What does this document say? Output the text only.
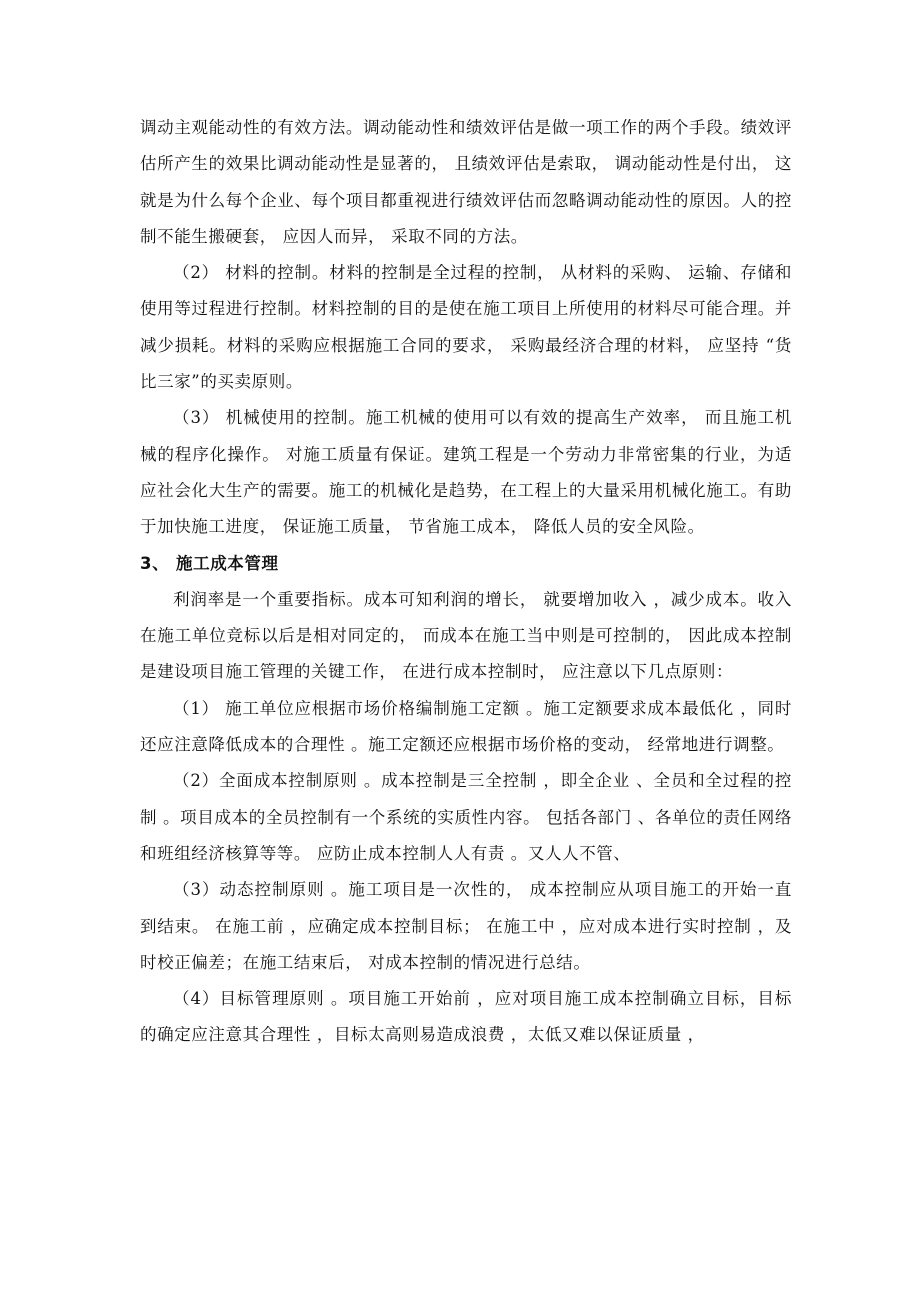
调动主观能动性的有效方法。调动能动性和绩效评估是做一项工作的两个手段。绩效评估所产生的效果比调动能动性是显著的， 且绩效评估是索取， 调动能动性是付出， 这就是为什么每个企业、每个项目都重视进行绩效评估而忽略调动能动性的原因。人的控制不能生搬硬套， 应因人而异， 采取不同的方法。

（2） 材料的控制。材料的控制是全过程的控制， 从材料的采购、 运输、存储和使用等过程进行控制。材料控制的目的是使在施工项目上所使用的材料尽可能合理。并减少损耗。材料的采购应根据施工合同的要求， 采购最经济合理的材料， 应坚持 “货比三家”的买卖原则。

（3） 机械使用的控制。施工机械的使用可以有效的提高生产效率， 而且施工机械的程序化操作。 对施工质量有保证。建筑工程是一个劳动力非常密集的行业，为适应社会化大生产的需要。施工的机械化是趋势，在工程上的大量采用机械化施工。有助于加快施工进度， 保证施工质量， 节省施工成本， 降低人员的安全风险。

3、 施工成本管理

利润率是一个重要指标。成本可知利润的增长， 就要增加收入 ，减少成本。收入在施工单位竞标以后是相对同定的， 而成本在施工当中则是可控制的， 因此成本控制是建设项目施工管理的关键工作， 在进行成本控制时， 应注意以下几点原则：

（1） 施工单位应根据市场价格编制施工定额 。施工定额要求成本最低化 ，同时还应注意降低成本的合理性 。施工定额还应根据市场价格的变动， 经常地进行调整。

（2）全面成本控制原则 。成本控制是三全控制 ，即全企业 、全员和全过程的控制 。项目成本的全员控制有一个系统的实质性内容。 包括各部门 、各单位的责任网络和班组经济核算等等。 应防止成本控制人人有责 。又人人不管、

（3）动态控制原则 。施工项目是一次性的， 成本控制应从项目施工的开始一直到结束。 在施工前 ，应确定成本控制目标； 在施工中 ，应对成本进行实时控制 ，及时校正偏差；在施工结束后， 对成本控制的情况进行总结。

（4）目标管理原则 。项目施工开始前 ，应对项目施工成本控制确立目标，目标的确定应注意其合理性 ，目标太高则易造成浪费 ，太低又难以保证质量 ，
